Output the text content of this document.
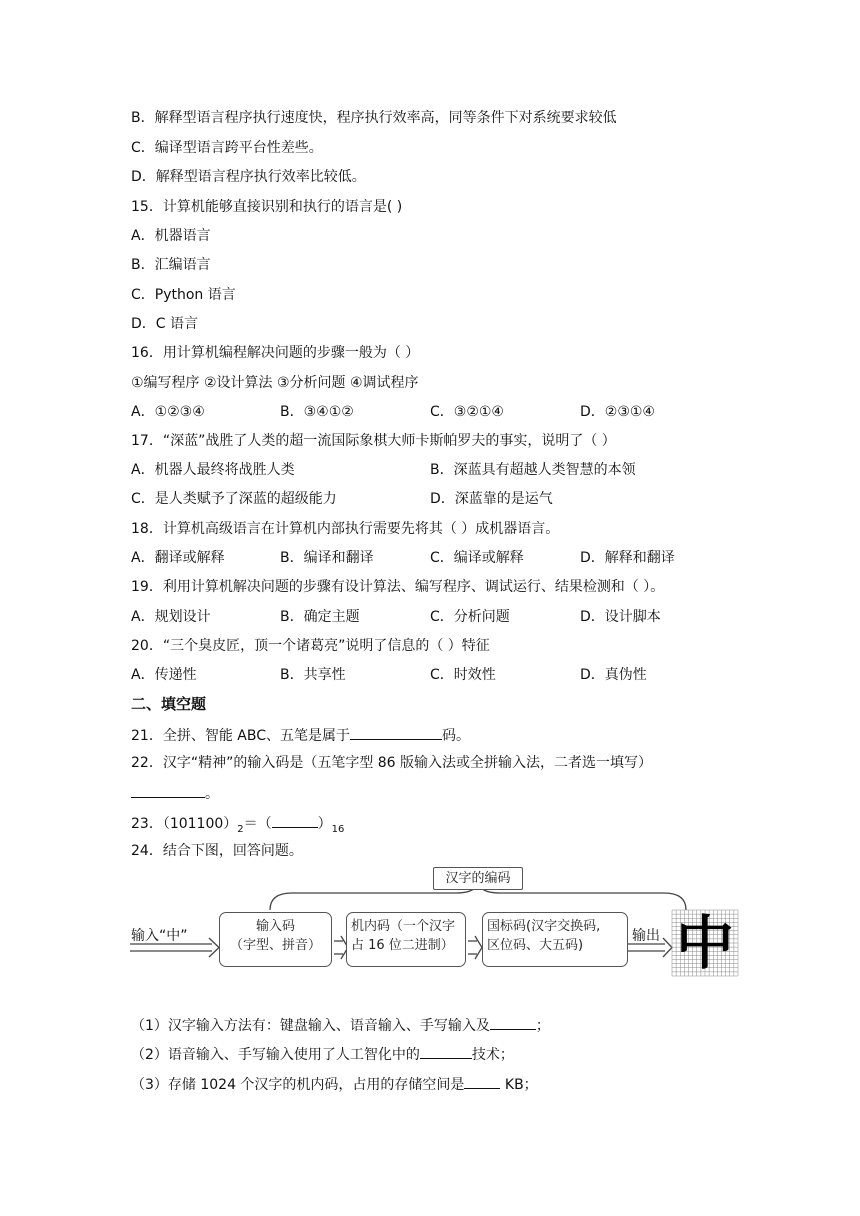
B．解释型语言程序执行速度快，程序执行效率高，同等条件下对系统要求较低
C．编译型语言跨平台性差些。
D．解释型语言程序执行效率比较低。
15．计算机能够直接识别和执行的语言是( )
A．机器语言
B．汇编语言
C．Python 语言
D．C 语言
16．用计算机编程解决问题的步骤一般为（ ）
①编写程序 ②设计算法 ③分析问题 ④调试程序
A．①②③④	B．③④①②	C．③②①④	D．②③①④
17．“深蓝”战胜了人类的超一流国际象棋大师卡斯帕罗夫的事实，说明了（ ）
A．机器人最终将战胜人类	B．深蓝具有超越人类智慧的本领
C．是人类赋予了深蓝的超级能力	D．深蓝靠的是运气
18．计算机高级语言在计算机内部执行需要先将其（ ）成机器语言。
A．翻译或解释	B．编译和翻译	C．编译或解释	D．解释和翻译
19．利用计算机解决问题的步骤有设计算法、编写程序、调试运行、结果检测和（ ）。
A．规划设计	B．确定主题	C．分析问题	D．设计脚本
20．“三个臭皮匠，顶一个诸葛亮”说明了信息的（ ）特征
A．传递性	B．共享性	C．时效性	D．真伪性
二、填空题
21．全拼、智能 ABC、五笔是属于	码。
22．汉字“精神”的输入码是（五笔字型 86 版输入法或全拼输入法，二者选一填写）
。
23．$(101100)_2=$（	）$_{16}$
24．结合下图，回答问题。
汉字的编码
输入“中”
输入码
（字型、拼音）
机内码（一个汉字
占 16 位二进制）
国标码(汉字交换码,
区位码、大五码)
输出 中
（1）汉字输入方法有：键盘输入、语音输入、手写输入及	；
（2）语音输入、手写输入使用了人工智化中的	技术；
（3）存储 1024 个汉字的机内码，占用的存储空间是	KB；
